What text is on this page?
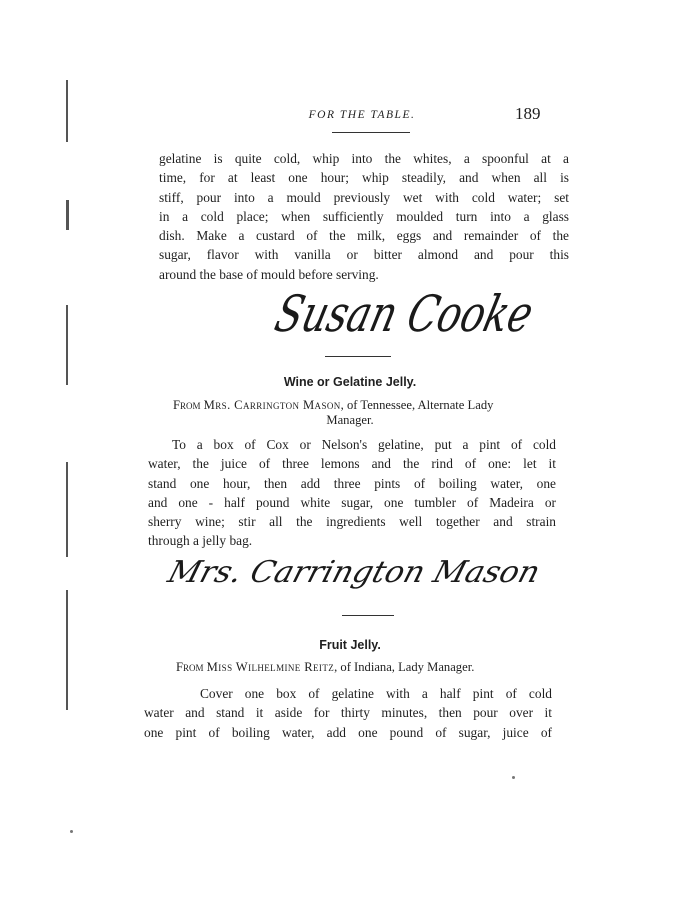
FOR THE TABLE.	189
gelatine is quite cold, whip into the whites, a spoonful at a
time, for at least one hour; whip steadily, and when all is
stiff, pour into a mould previously wet with cold water; set
in a cold place; when sufficiently moulded turn into a glass
dish. Make a custard of the milk, eggs and remainder of the
sugar, flavor with vanilla or bitter almond and pour this
around the base of mould before serving.
Susan Cooke
Wine or Gelatine Jelly.
From Mrs. Carrington Mason, of Tennessee, Alternate Lady
Manager.
To a box of Cox or Nelson's gelatine, put a pint of cold
water, the juice of three lemons and the rind of one: let it
stand one hour, then add three pints of boiling water, one
and one - half pound white sugar, one tumbler of Madeira or
sherry wine; stir all the ingredients well together and strain
through a jelly bag.
Mrs. Carrington Mason
Fruit Jelly.
From Miss Wilhelmine Reitz, of Indiana, Lady Manager.
Cover one box of gelatine with a half pint of cold
water and stand it aside for thirty minutes, then pour over it
one pint of boiling water, add one pound of sugar, juice of
